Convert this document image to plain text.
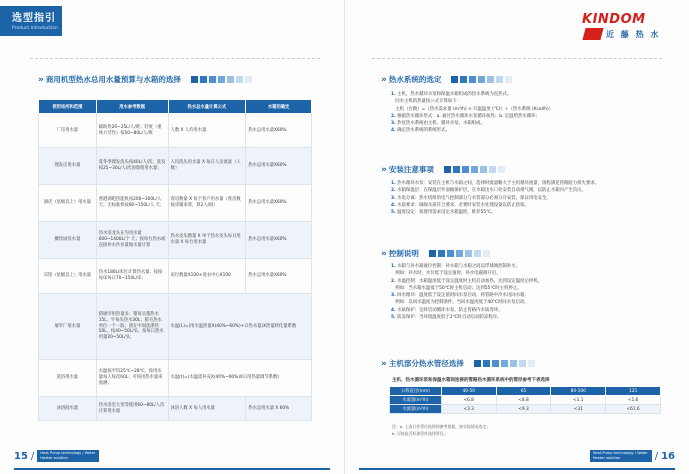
选型指引
Product Introduction
KINDOM
近 藤 热 水
» 商用机型热水总用水量预算与水箱的选择
使用场所和范围	用水参考数据	热水总水量计算公式	水箱的确定
厂房用水量	辅助热20~25L/人/班；轻度（重体力劳作）按50~80L/人/班	人数 X 人均用水量	热水总用水量X60%
理发店用水量	夏冬季理发洗头按40L/人/次；洗发按25~30L/人/次预算使用水量；	人均洗头用水量 X 每日人员流量（人数）	热水总用水量X60%
酒店（星级以上）用水量	香港酒吧热能机按200~300L/人 天；无标准机按80~150L/人 天；	客房数量 X 每个客户用水量（客房数按床铺来算，算2人/间）	热水总用水量X60%
餐饮厨房水量	热水浴龙头在为用水量600~1400L/个 天；按每台热水或直接补水作业量做水量计算	热水龙头数量 X 单个热水龙头每日用水量 X 每台用水量	热水总用水量X60%
宾馆（星级以上）用水量	热水180L/床位计算热水量；按按每床每日70~150L/床；	床位数量X100+洗衣中心X100	热水总用水量X60%
屠宰厂用水量	猪屠宰用热量多；猪每头猪热水15L，牛每头热水30L；猪毛热水单位一个一般；猪在中间洗涤热50L，按40~50L/头；按每日热水用量20~50L/头；	水温(L)=(用水温热量X(40%~60%)+日热水量)X热量转化量系数	
洗浴用水量	水温按平均25℃~28℃，按用水量每人每次60L；可按用热水量来预测；	水温(t)=(水温需补充X(40%~60%)X日用热量调节系数)	
沐浴间水量	热水浴室大堂等使用60~80L/人次计算用水量	沐浴人数 X 每人用水量	热水总用水量 X 60%
» 热水系统的选定

1. 主机、热水循环水泵和保温水箱组成的热水系统为直热式。

同水主机的热量按公式计算如下：

主机（台数）=（热水需求量 (m³/h) × 升温温度 (℃)）÷（热水系统 (Kcal/h)）

2. 根据热水循环形式：a. 通过热水循环水泵循环加热；b. 定温给热水循环；

3. 热泵热水系统由主机、循环水泵、水箱组成。

4. 确定热水系统的系统形式。

» 安装注意事项

1. 热水循环水泵：安装在主机与水箱之间，选择时流量略大于主机循环流量，扬程满足管路阻力损失要求。

2. 水箱保温层：在保温层外面做保护层，在水箱出水口处安装自动排气阀，以防止水箱内产生负压。

3. 水电分离：热水机组的电气控制部分与水管部分必须分开安装，保证用电安全。

4. 水质要求：确保水质符合要求，必要时安装水处理设备以防止结垢。

5. 温度设定：按使用需求设定水箱温度，推荐55℃。

» 控制说明

1. 水箱与补水箱液位控制：补水箱与水箱之间以浮球阀控制补水。

例如：补水时，水位低于设定值时，补水电磁阀开启。

2. 水温控制：水箱温度低于设定温度时主机启动加热，达到设定温度后停机。

例如：当水箱水温低于50℃时主机启动；达到55℃时主机停止。

3. 回水循环：温度低于设定值时回水泵启动，将管路中冷水送回水箱。

例如：以回水温度为控制条件，当回水温度低于40℃时回水泵启动。

4. 水质保护：定时启动循环水泵，防止管路内水质变坏。

5. 防冻保护：当环境温度低于2℃时自动启动防冻程序。

» 主机部分热水管径选择
主机、热水循环泵和保温水箱间连接的管路热水循环系统中的管径参考下表选择
公称直径(mm)	40-50	65	80-100	125
水流量(m³/h)	<6.8	<8.8	<1.1	<1.6
水流量(m³/h)	<3.3	<9.3	<31	<61.6
注：a. 上表只作管径选择的参考依据，按实际情况选定；
b. 可按是否标准管件选择管径。
15 /	Heat Pump technology / Water Heater solution
Heat Pump technology / Water Heater solution	/ 16
